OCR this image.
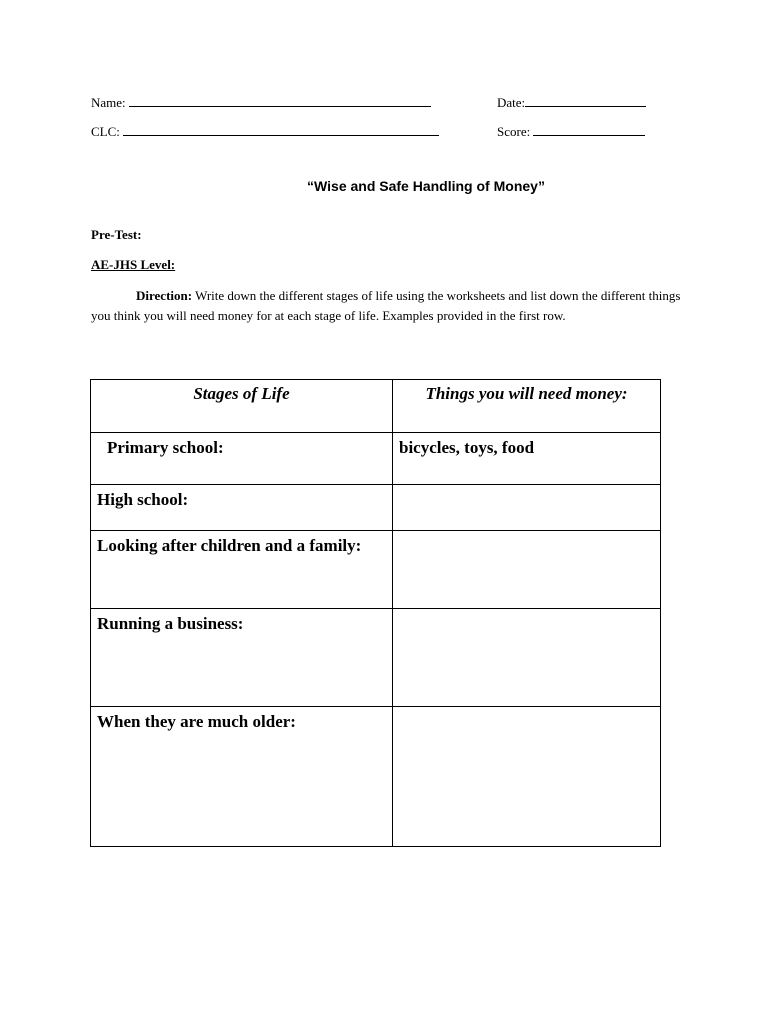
Name:	Date:
CLC:	Score:
“Wise and Safe Handling of Money”
Pre-Test:
AE-JHS Level:
Direction: Write down the different stages of life using the worksheets and list down the different things you think you will need money for at each stage of life. Examples provided in the first row.
Stages of Life	Things you will need money:
Primary school:	bicycles, toys, food
High school:	
Looking after children and a family:	
Running a business:	
When they are much older:	
